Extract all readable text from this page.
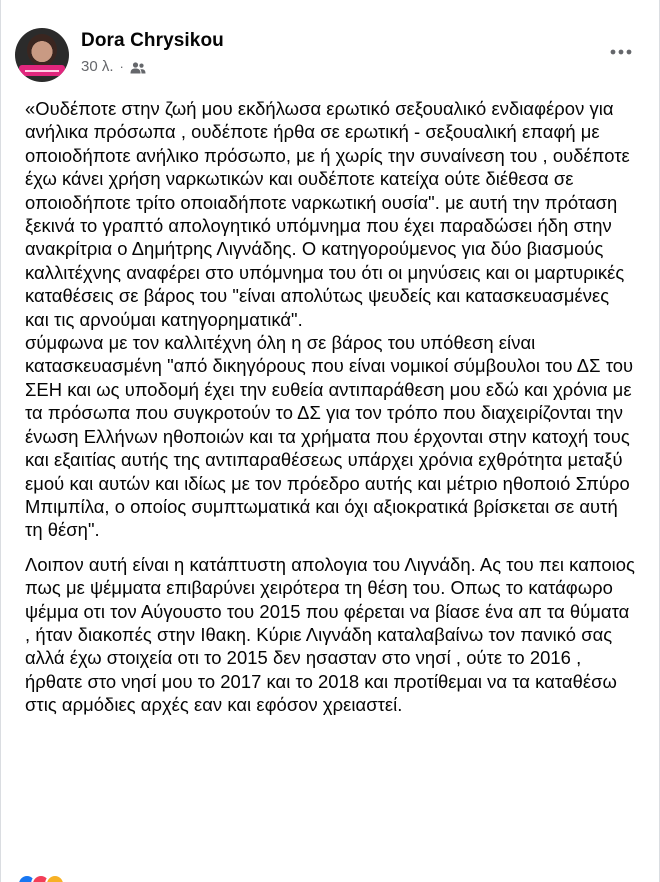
Dora Chrysikou
30 λ. ·

«Ουδέποτε στην ζωή μου εκδήλωσα ερωτικό σεξουαλικό ενδιαφέρον για ανήλικα πρόσωπα , ουδέποτε ήρθα σε ερωτική - σεξουαλική επαφή με οποιοδήποτε ανήλικο πρόσωπο, με ή χωρίς την συναίνεση του , ουδέποτε έχω κάνει χρήση ναρκωτικών και ουδέποτε κατείχα ούτε διέθεσα σε οποιοδήποτε τρίτο οποιαδήποτε ναρκωτική ουσία". με αυτή την πρόταση ξεκινά το γραπτό απολογητικό υπόμνημα που έχει παραδώσει ήδη στην ανακρίτρια ο Δημήτρης Λιγνάδης. Ο κατηγορούμενος για δύο βιασμούς καλλιτέχνης αναφέρει στο υπόμνημα του ότι οι μηνύσεις και οι μαρτυρικές καταθέσεις σε βάρος του "είναι απολύτως ψευδείς και κατασκευασμένες και τις αρνούμαι κατηγορηματικά".

σύμφωνα με τον καλλιτέχνη όλη η σε βάρος του υπόθεση είναι κατασκευασμένη "από δικηγόρους που είναι νομικοί σύμβουλοι του ΔΣ του ΣΕΗ και ως υποδομή έχει την ευθεία αντιπαράθεση μου εδώ και χρόνια με τα πρόσωπα που συγκροτούν το ΔΣ για τον τρόπο που διαχειρίζονται την ένωση Ελλήνων ηθοποιών και τα χρήματα που έρχονται στην κατοχή τους και εξαιτίας αυτής της αντιπαραθέσεως υπάρχει χρόνια εχθρότητα μεταξύ εμού και αυτών και ιδίως με τον πρόεδρο αυτής και μέτριο ηθοποιό Σπύρο Μπιμπίλα, ο οποίος συμπτωματικά και όχι αξιοκρατικά βρίσκεται σε αυτή τη θέση".

Λοιπον αυτή είναι η κατάπτυστη απολογια του Λιγνάδη. Ας του πει καποιος πως με ψέμματα επιβαρύνει χειρότερα τη θέση του. Οπως το κατάφωρο ψέμμα οτι τον Αύγουστο του 2015 που φέρεται να βίασε ένα απ τα θύματα , ήταν διακοπές στην Ιθακη. Κύριε Λιγνάδη καταλαβαίνω τον πανικό σας αλλά έχω στοιχεία οτι το 2015 δεν ησασταν στο νησί , ούτε το 2016 , ήρθατε στο νησί μου το 2017 και το 2018 και προτίθεμαι να τα καταθέσω στις αρμόδιες αρχές εαν και εφόσον χρειαστεί.
